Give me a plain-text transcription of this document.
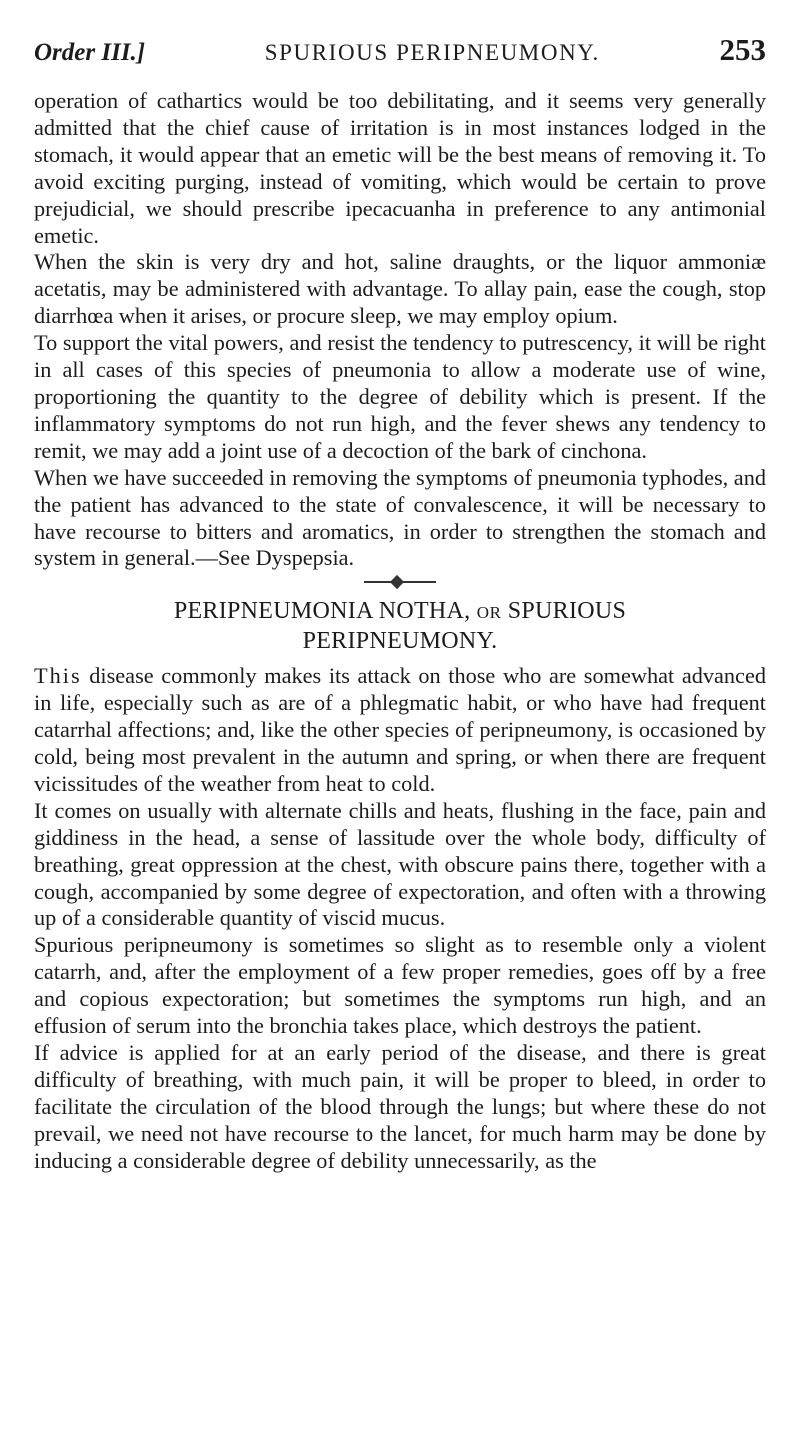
Order III.]	SPURIOUS PERIPNEUMONY.	253

operation of cathartics would be too debilitating, and it seems very generally admitted that the chief cause of irritation is in most instances lodged in the stomach, it would appear that an emetic will be the best means of removing it. To avoid exciting purging, instead of vomiting, which would be certain to prove prejudicial, we should prescribe ipecacuanha in preference to any antimonial emetic.

When the skin is very dry and hot, saline draughts, or the liquor ammoniæ acetatis, may be administered with advantage. To allay pain, ease the cough, stop diarrhœa when it arises, or procure sleep, we may employ opium.

To support the vital powers, and resist the tendency to putrescency, it will be right in all cases of this species of pneumonia to allow a moderate use of wine, proportioning the quantity to the degree of debility which is present. If the inflammatory symptoms do not run high, and the fever shews any tendency to remit, we may add a joint use of a decoction of the bark of cinchona.

When we have succeeded in removing the symptoms of pneumonia typhodes, and the patient has advanced to the state of convalescence, it will be necessary to have recourse to bitters and aromatics, in order to strengthen the stomach and system in general.—See Dyspepsia.

PERIPNEUMONIA NOTHA, OR SPURIOUS
PERIPNEUMONY.

This disease commonly makes its attack on those who are somewhat advanced in life, especially such as are of a phlegmatic habit, or who have had frequent catarrhal affections; and, like the other species of peripneumony, is occasioned by cold, being most prevalent in the autumn and spring, or when there are frequent vicissitudes of the weather from heat to cold.

It comes on usually with alternate chills and heats, flushing in the face, pain and giddiness in the head, a sense of lassitude over the whole body, difficulty of breathing, great oppression at the chest, with obscure pains there, together with a cough, accompanied by some degree of expectoration, and often with a throwing up of a considerable quantity of viscid mucus.

Spurious peripneumony is sometimes so slight as to resemble only a violent catarrh, and, after the employment of a few proper remedies, goes off by a free and copious expectoration; but sometimes the symptoms run high, and an effusion of serum into the bronchia takes place, which destroys the patient.

If advice is applied for at an early period of the disease, and there is great difficulty of breathing, with much pain, it will be proper to bleed, in order to facilitate the circulation of the blood through the lungs; but where these do not prevail, we need not have recourse to the lancet, for much harm may be done by inducing a considerable degree of debility unnecessarily, as the
